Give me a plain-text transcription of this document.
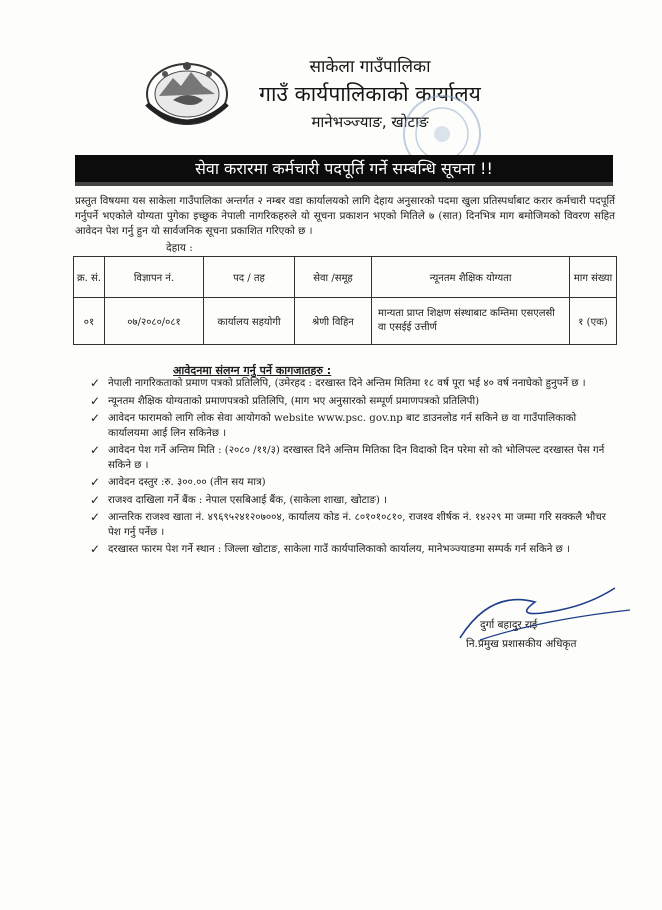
साकेला गाउँपालिका
गाउँ कार्यपालिकाको कार्यालय
मानेभञ्ज्याङ, खोटाङ
सेवा करारमा कर्मचारी पदपूर्ति गर्ने सम्बन्धि सूचना !!
प्रस्तुत विषयमा यस साकेला गाउँपालिका अन्तर्गत २ नम्बर वडा कार्यालयको लागि देहाय अनुसारको पदमा खुला प्रतिस्पर्धाबाट करार कर्मचारी पदपूर्ति गर्नुपर्ने भएकोले योग्यता पुगेका इच्छुक नेपाली नागरिकहरुले यो सूचना प्रकाशन भएको मितिले ७ (सात) दिनभित्र माग बमोजिमको विवरण सहित आवेदन पेश गर्नु हुन यो सार्वजनिक सूचना प्रकाशित गरिएको छ ।
देहाय :
क्र. सं.	विज्ञापन नं.	पद / तह	सेवा /समूह	न्यूनतम शैक्षिक योग्यता	माग संख्या
०१	०७/२०८०/०८१	कार्यालय सहयोगी	श्रेणी विहिन	मान्यता प्राप्त शिक्षण संस्थाबाट कम्तिमा एसएलसी वा एसईई उत्तीर्ण	१ (एक)
आवेदनमा संलग्न गर्नु पर्ने कागजातहरु :
✓ नेपाली नागरिकताको प्रमाण पत्रको प्रतिलिपि, (उमेरहद : दरखास्त दिने अन्तिम मितिमा १८ वर्ष पूरा भई ४० वर्ष ननाघेको हुनुपर्ने छ ।
✓ न्यूनतम शैक्षिक योग्यताको प्रमाणपत्रको प्रतिलिपि, (माग भए अनुसारको सम्पूर्ण प्रमाणपत्रको प्रतिलिपी)
✓ आवेदन फारामको लागि लोक सेवा आयोगको website www.psc. gov.np बाट डाउनलोड गर्न सकिने छ वा गाउँपालिकाको कार्यालयमा आई लिन सकिनेछ ।
✓ आवेदन पेश गर्ने अन्तिम मिति : (२०८० /११/३) दरखास्त दिने अन्तिम मितिका दिन विदाको दिन परेमा सो को भोलिपल्ट दरखास्त पेस गर्न सकिने छ ।
✓ आवेदन दस्तुर :रु. ३००.०० (तीन सय मात्र)
✓ राजश्व दाखिला गर्ने बैंक : नेपाल एसबिआई बैंक, (साकेला शाखा, खोटाङ) ।
✓ आन्तरिक राजश्व खाता नं. ४९६९५२४१२०७००४, कार्यालय कोड नं. ८०१०१०८१०, राजश्व शीर्षक नं. १४२२९ मा जम्मा गरि सक्कलै भौचर पेश गर्नु पर्नेछ ।
✓ दरखास्त फारम पेश गर्ने स्थान : जिल्ला खोटाङ, साकेला गाउँ कार्यपालिकाको कार्यालय, मानेभञ्ज्याङमा सम्पर्क गर्न सकिने छ ।
दुर्गा बहादुर राई
नि.प्रमुख प्रशासकीय अधिकृत
